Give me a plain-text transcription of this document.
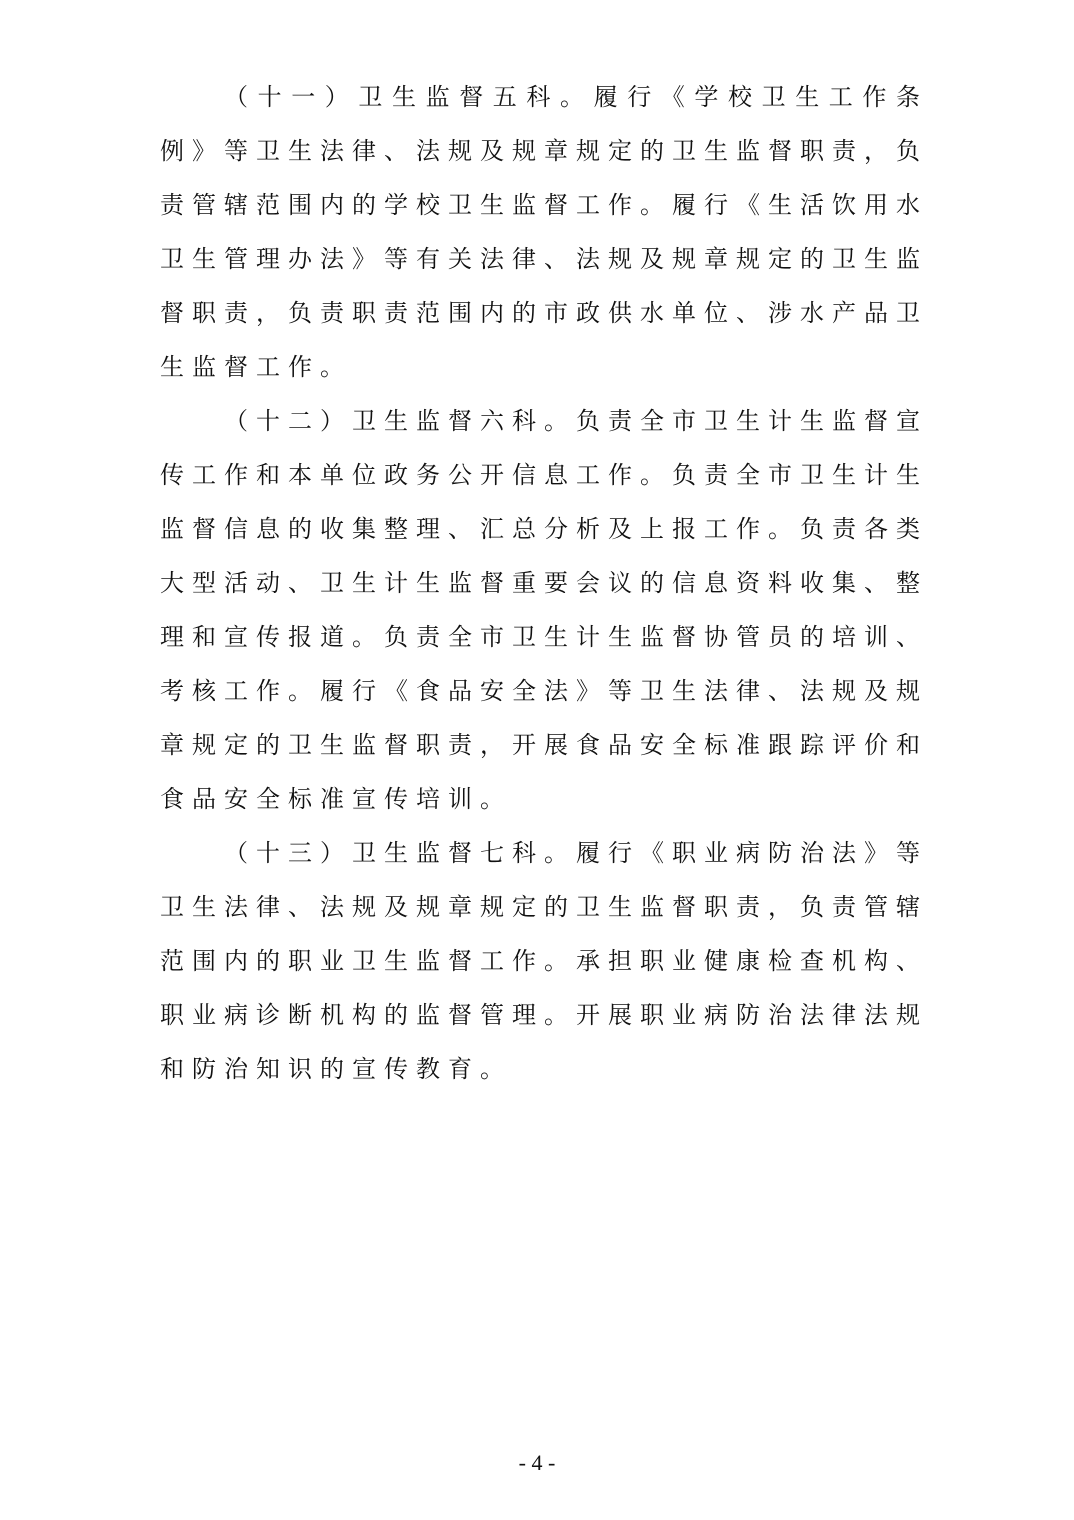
（十一）卫生监督五科。履行《学校卫生工作条例》等卫生法律、法规及规章规定的卫生监督职责，负责管辖范围内的学校卫生监督工作。履行《生活饮用水卫生管理办法》等有关法律、法规及规章规定的卫生监督职责，负责职责范围内的市政供水单位、涉水产品卫生监督工作。

（十二）卫生监督六科。负责全市卫生计生监督宣传工作和本单位政务公开信息工作。负责全市卫生计生监督信息的收集整理、汇总分析及上报工作。负责各类大型活动、卫生计生监督重要会议的信息资料收集、整理和宣传报道。负责全市卫生计生监督协管员的培训、考核工作。履行《食品安全法》等卫生法律、法规及规章规定的卫生监督职责，开展食品安全标准跟踪评价和食品安全标准宣传培训。

（十三）卫生监督七科。履行《职业病防治法》等卫生法律、法规及规章规定的卫生监督职责，负责管辖范围内的职业卫生监督工作。承担职业健康检查机构、职业病诊断机构的监督管理。开展职业病防治法律法规和防治知识的宣传教育。

- 4 -
